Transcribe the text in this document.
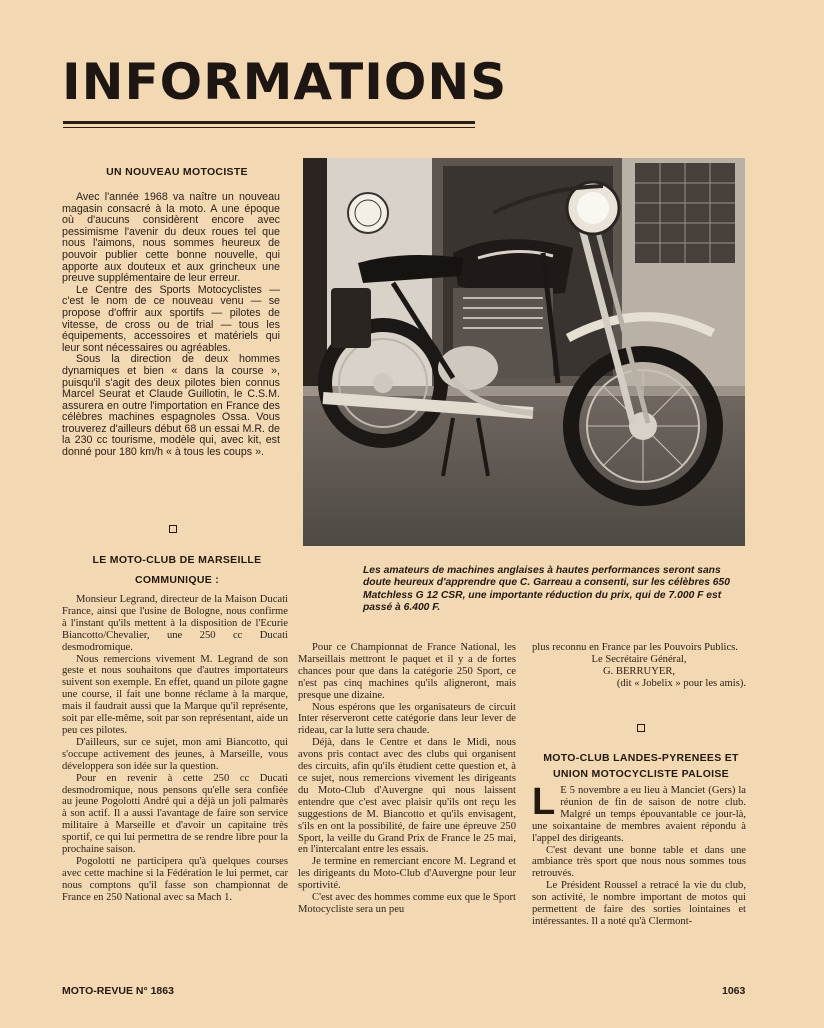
INFORMATIONS
UN NOUVEAU MOTOCISTE

Avec l'année 1968 va naître un nouveau magasin consacré à la moto. A une époque où d'aucuns considèrent encore avec pessimisme l'avenir du deux roues tel que nous l'aimons, nous sommes heureux de pouvoir publier cette bonne nouvelle, qui apporte aux douteux et aux grincheux une preuve supplémentaire de leur erreur.

Le Centre des Sports Motocyclistes — c'est le nom de ce nouveau venu — se propose d'offrir aux sportifs — pilotes de vitesse, de cross ou de trial — tous les équipements, accessoires et matériels qui leur sont nécessaires ou agréables.

Sous la direction de deux hommes dynamiques et bien « dans la course », puisqu'il s'agit des deux pilotes bien connus Marcel Seurat et Claude Guillotin, le C.S.M. assurera en outre l'importation en France des célèbres machines espagnoles Ossa. Vous trouverez d'ailleurs début 68 un essai M.R. de la 230 cc tourisme, modèle qui, avec kit, est donné pour 180 km/h « à tous les coups ».

LE MOTO-CLUB DE MARSEILLE
COMMUNIQUE :
Les amateurs de machines anglaises à hautes performances seront sans doute heureux d'apprendre que C. Garreau a consenti, sur les célèbres 650 Matchless G 12 CSR, une importante réduction du prix, qui de 7.000 F est passé à 6.400 F.

Monsieur Legrand, directeur de la Maison Ducati France, ainsi que l'usine de Bologne, nous confirme à l'instant qu'ils mettent à la disposition de l'Ecurie Biancotto/Chevalier, une 250 cc Ducati desmodromique.

Nous remercions vivement M. Legrand de son geste et nous souhaitons que d'autres importateurs suivent son exemple. En effet, quand un pilote gagne une course, il fait une bonne réclame à la marque, mais il faudrait aussi que la Marque qu'il représente, soit par elle-même, soit par son représentant, aide un peu ces pilotes.

D'ailleurs, sur ce sujet, mon ami Biancotto, qui s'occupe activement des jeunes, à Marseille, vous développera son idée sur la question.

Pour en revenir à cette 250 cc Ducati desmodromique, nous pensons qu'elle sera confiée au jeune Pogolotti André qui a déjà un joli palmarès à son actif. Il a aussi l'avantage de faire son service militaire à Marseille et d'avoir un capitaine très sportif, ce qui lui permettra de se rendre libre pour la prochaine saison.

Pogolotti ne participera qu'à quelques courses avec cette machine si la Fédération le lui permet, car nous comptons qu'il fasse son championnat de France en 250 National avec sa Mach 1.

Pour ce Championnat de France National, les Marseillais mettront le paquet et il y a de fortes chances pour que dans la catégorie 250 Sport, ce n'est pas cinq machines qu'ils aligneront, mais presque une dizaine.

Nous espérons que les organisateurs de circuit Inter réserveront cette catégorie dans leur lever de rideau, car la lutte sera chaude.

Déjà, dans le Centre et dans le Midi, nous avons pris contact avec des clubs qui organisent des circuits, afin qu'ils étudient cette question et, à ce sujet, nous remercions vivement les dirigeants du Moto-Club d'Auvergne qui nous laissent entendre que c'est avec plaisir qu'ils ont reçu les suggestions de M. Biancotto et qu'ils envisagent, s'ils en ont la possibilité, de faire une épreuve 250 Sport, la veille du Grand Prix de France le 25 mai, en l'intercalant entre les essais.

Je termine en remerciant encore M. Legrand et les dirigeants du Moto-Club d'Auvergne pour leur sportivité.

C'est avec des hommes comme eux que le Sport Motocycliste sera un peu

plus reconnu en France par les Pouvoirs Publics.

Le Secrétaire Général,

G. BERRUYER,

(dit « Jobelix » pour les amis).

MOTO-CLUB LANDES-PYRENEES ET
UNION MOTOCYCLISTE PALOISE

L E 5 novembre a eu lieu à Manciet (Gers) la réunion de fin de saison de notre club. Malgré un temps épouvantable ce jour-là, une soixantaine de membres avaient répondu à l'appel des dirigeants.

C'est devant une bonne table et dans une ambiance très sport que nous nous sommes tous retrouvés.

Le Président Roussel a retracé la vie du club, son activité, le nombre important de motos qui permettent de faire des sorties lointaines et intéressantes. Il a noté qu'à Clermont-

MOTO-REVUE N° 1863	1063
